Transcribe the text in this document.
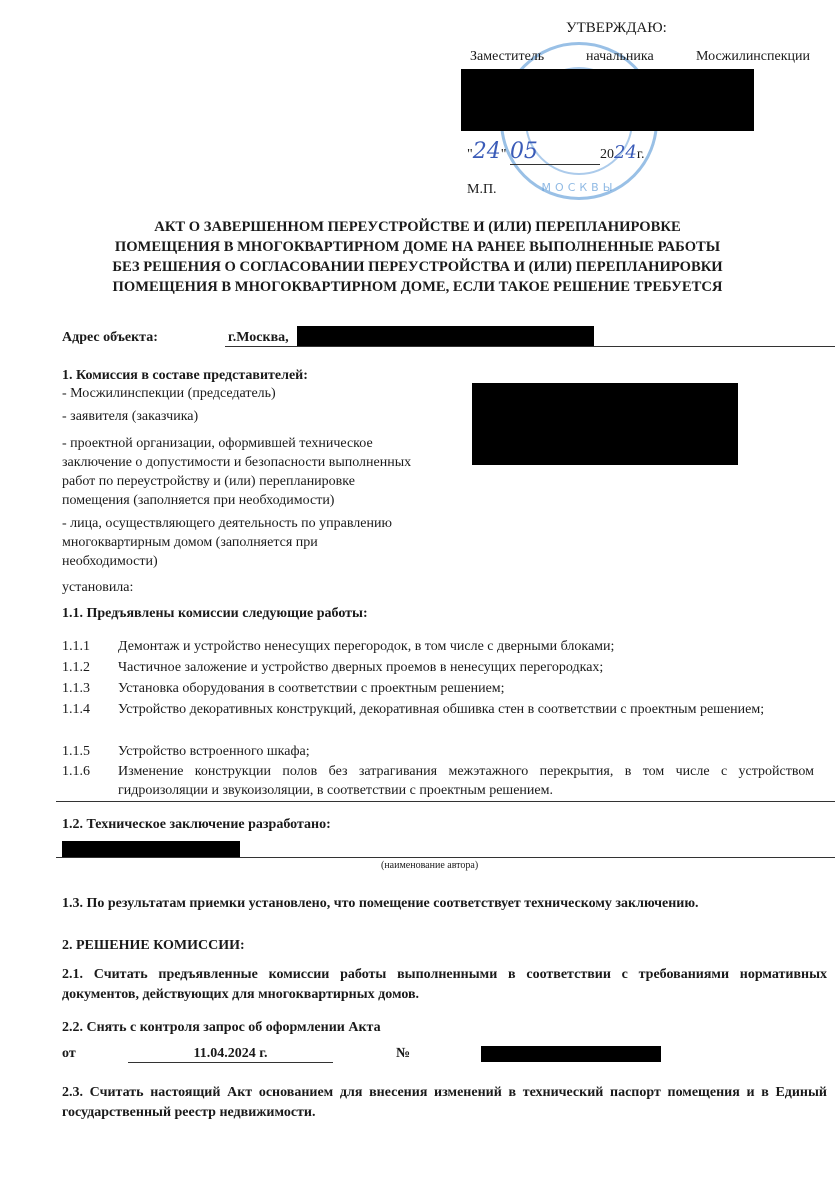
МОСКВЫ
УТВЕРЖДАЮ:
Заместитель	начальника	Мосжилинспекции
"24" 05	2024г.
М.П.
АКТ О ЗАВЕРШЕННОМ ПЕРЕУСТРОЙСТВЕ И (ИЛИ) ПЕРЕПЛАНИРОВКЕ
ПОМЕЩЕНИЯ В МНОГОКВАРТИРНОМ ДОМЕ НА РАНЕЕ ВЫПОЛНЕННЫЕ РАБОТЫ
БЕЗ РЕШЕНИЯ О СОГЛАСОВАНИИ ПЕРЕУСТРОЙСТВА И (ИЛИ) ПЕРЕПЛАНИРОВКИ
ПОМЕЩЕНИЯ В МНОГОКВАРТИРНОМ ДОМЕ, ЕСЛИ ТАКОЕ РЕШЕНИЕ ТРЕБУЕТСЯ
Адрес объекта:	г.Москва,
1. Комиссия в составе представителей:
- Мосжилинспекции (председатель)
- заявителя (заказчика)
- проектной организации, оформившей техническое
заключение о допустимости и безопасности выполненных
работ по переустройству и (или) перепланировке
помещения (заполняется при необходимости)
- лица, осуществляющего деятельность по управлению
многоквартирным домом (заполняется при
необходимости)
установила:
1.1. Предъявлены комиссии следующие работы:
1.1.1 Демонтаж и устройство ненесущих перегородок, в том числе с дверными блоками;
1.1.2 Частичное заложение и устройство дверных проемов в ненесущих перегородках;
1.1.3 Установка оборудования в соответствии с проектным решением;
1.1.4 Устройство декоративных конструкций, декоративная обшивка стен в соответствии с проектным решением;
1.1.5 Устройство встроенного шкафа;
1.1.6 Изменение конструкции полов без затрагивания межэтажного перекрытия, в том числе с устройством гидроизоляции и звукоизоляции, в соответствии с проектным решением.
1.2. Техническое заключение разработано:
(наименование автора)
1.3. По результатам приемки установлено, что помещение соответствует техническому заключению.
2. РЕШЕНИЕ КОМИССИИ:
2.1. Считать предъявленные комиссии работы выполненными в соответствии с требованиями нормативных документов, действующих для многоквартирных домов.
2.2. Снять с контроля запрос об оформлении Акта
от	11.04.2024 г.	№
2.3. Считать настоящий Акт основанием для внесения изменений в технический паспорт помещения и в Единый государственный реестр недвижимости.
